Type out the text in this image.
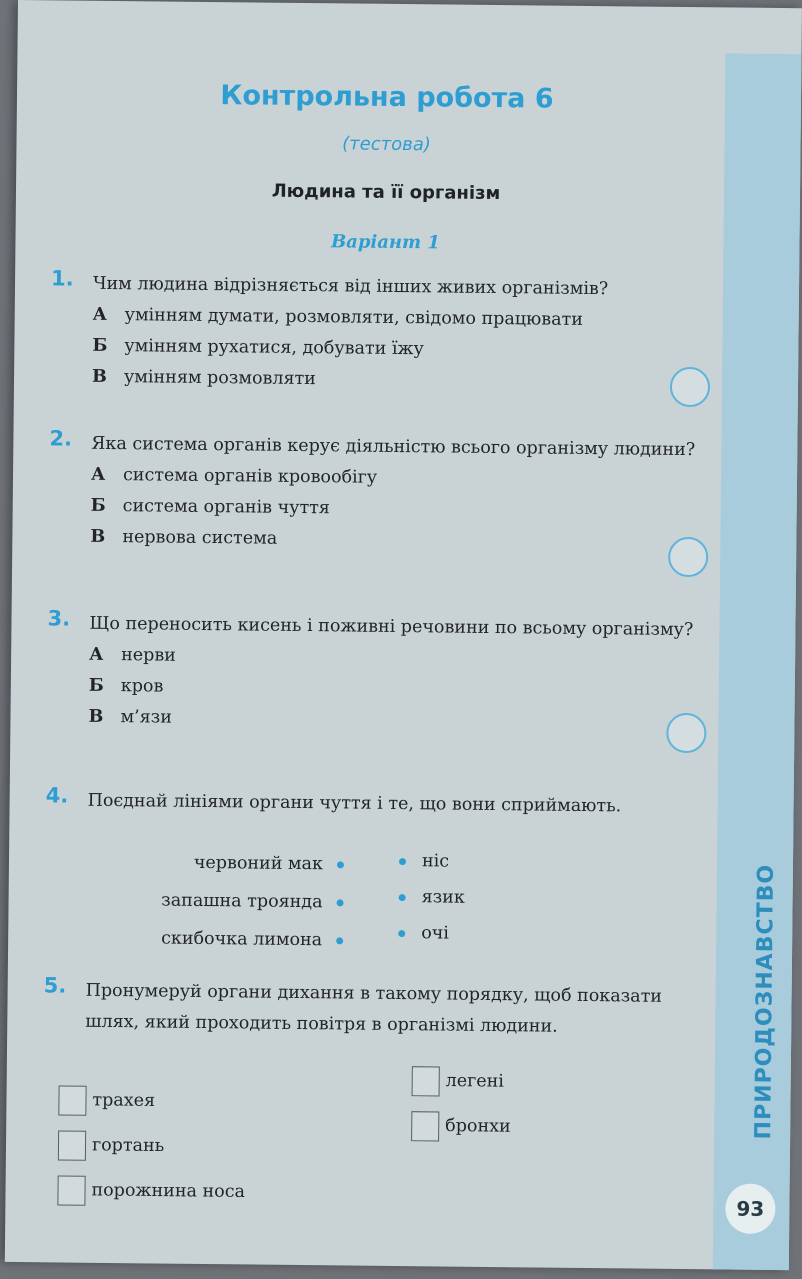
ПРИРОДОЗНАВСТВО
93
Контрольна робота 6
(тестова)
Людина та її організм
Варіант 1
1. Чим людина відрізняється від інших живих організмів?
А умінням думати, розмовляти, свідомо працювати
Б умінням рухатися, добувати їжу
В умінням розмовляти
2. Яка система органів керує діяльністю всього організму людини?
А система органів кровообігу
Б система органів чуття
В нервова система
3. Що переносить кисень і поживні речовини по всьому організму?
А нерви
Б кров
В м’язи
4. Поєднай лініями органи чуття і те, що вони сприймають.
червоний мак
запашна троянда
скибочка лимона
ніс
язик
очі
5. Пронумеруй органи дихання в такому порядку, щоб показати шлях, який проходить повітря в організмі людини.
трахея
гортань
порожнина носа
легені
бронхи
